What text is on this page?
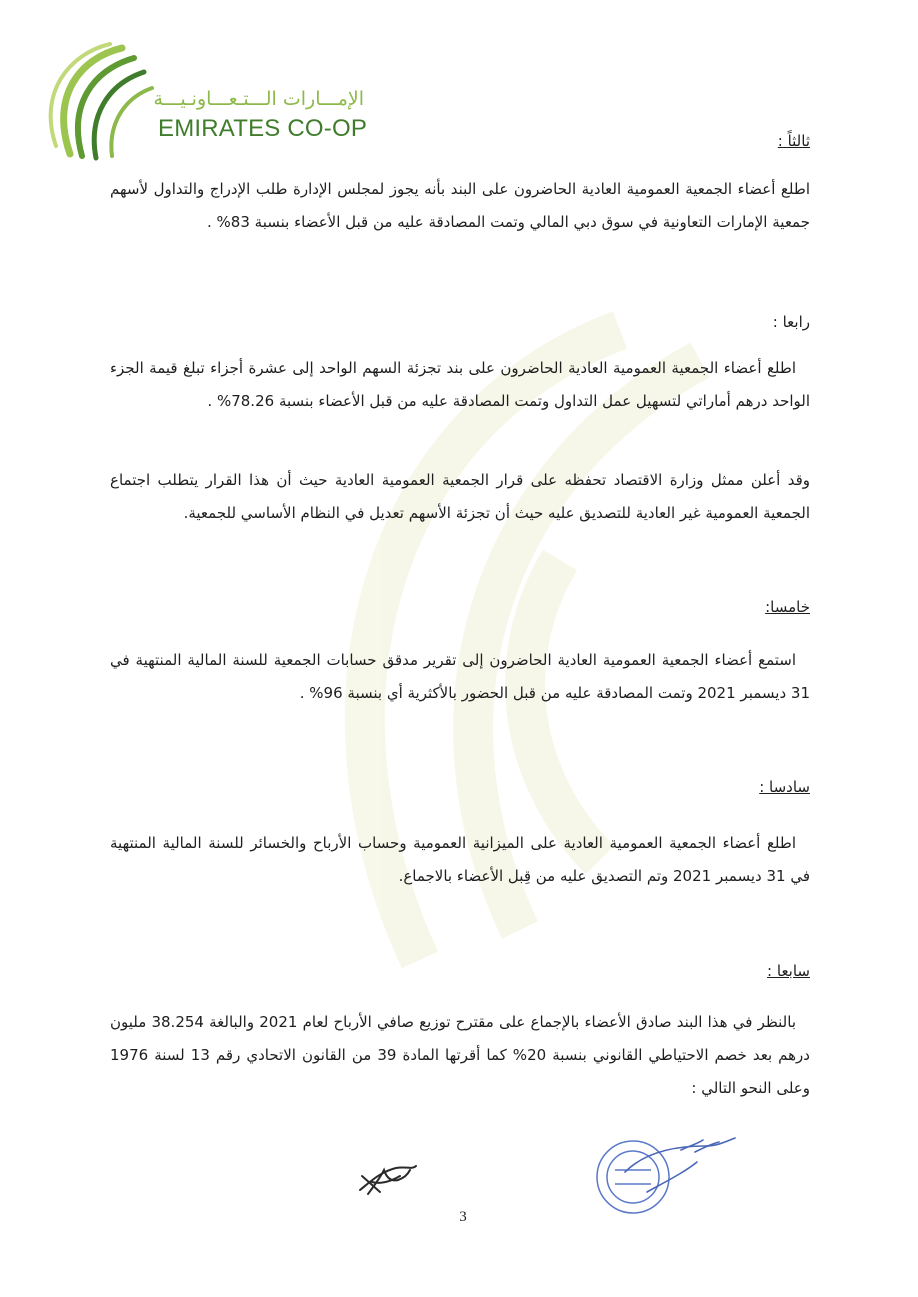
الإمـــارات الـــتـعـــاونـيـــة
EMIRATES CO-OP	ثالثاً :

اطلع أعضاء الجمعية العمومية العادية الحاضرون على البند بأنه يجوز لمجلس الإدارة طلب الإدراج والتداول لأسهم جمعية الإمارات التعاونية في سوق دبي المالي وتمت المصادقة عليه من قبل الأعضاء بنسبة 83% .

رابعا :

اطلع أعضاء الجمعية العمومية العادية الحاضرون على بند تجزئة السهم الواحد إلى عشرة أجزاء تبلغ قيمة الجزء الواحد درهم أماراتي لتسهيل عمل التداول وتمت المصادقة عليه من قبل الأعضاء بنسبة 78.26% .

وقد أعلن ممثل وزارة الاقتصاد تحفظه على قرار الجمعية العمومية العادية حيث أن هذا القرار يتطلب اجتماع الجمعية العمومية غير العادية للتصديق عليه حيث أن تجزئة الأسهم تعديل في النظام الأساسي للجمعية.

خامسا:

استمع أعضاء الجمعية العمومية العادية الحاضرون إلى تقرير مدقق حسابات الجمعية للسنة المالية المنتهية في 31 ديسمبر 2021 وتمت المصادقة عليه من قبل الحضور بالأكثرية أي بنسبة 96% .

سادسا :

اطلع أعضاء الجمعية العمومية العادية على الميزانية العمومية وحساب الأرباح والخسائر للسنة المالية المنتهية في 31 ديسمبر 2021 وتم التصديق عليه من قِبل الأعضاء بالاجماع.

سابعا :

بالنظر في هذا البند صادق الأعضاء بالإجماع على مقترح توزيع صافي الأرباح لعام 2021 والبالغة 38.254 مليون درهم بعد خصم الاحتياطي القانوني بنسبة 20% كما أقرتها المادة 39 من القانون الاتحادي رقم 13 لسنة 1976 وعلى النحو التالي :

3
